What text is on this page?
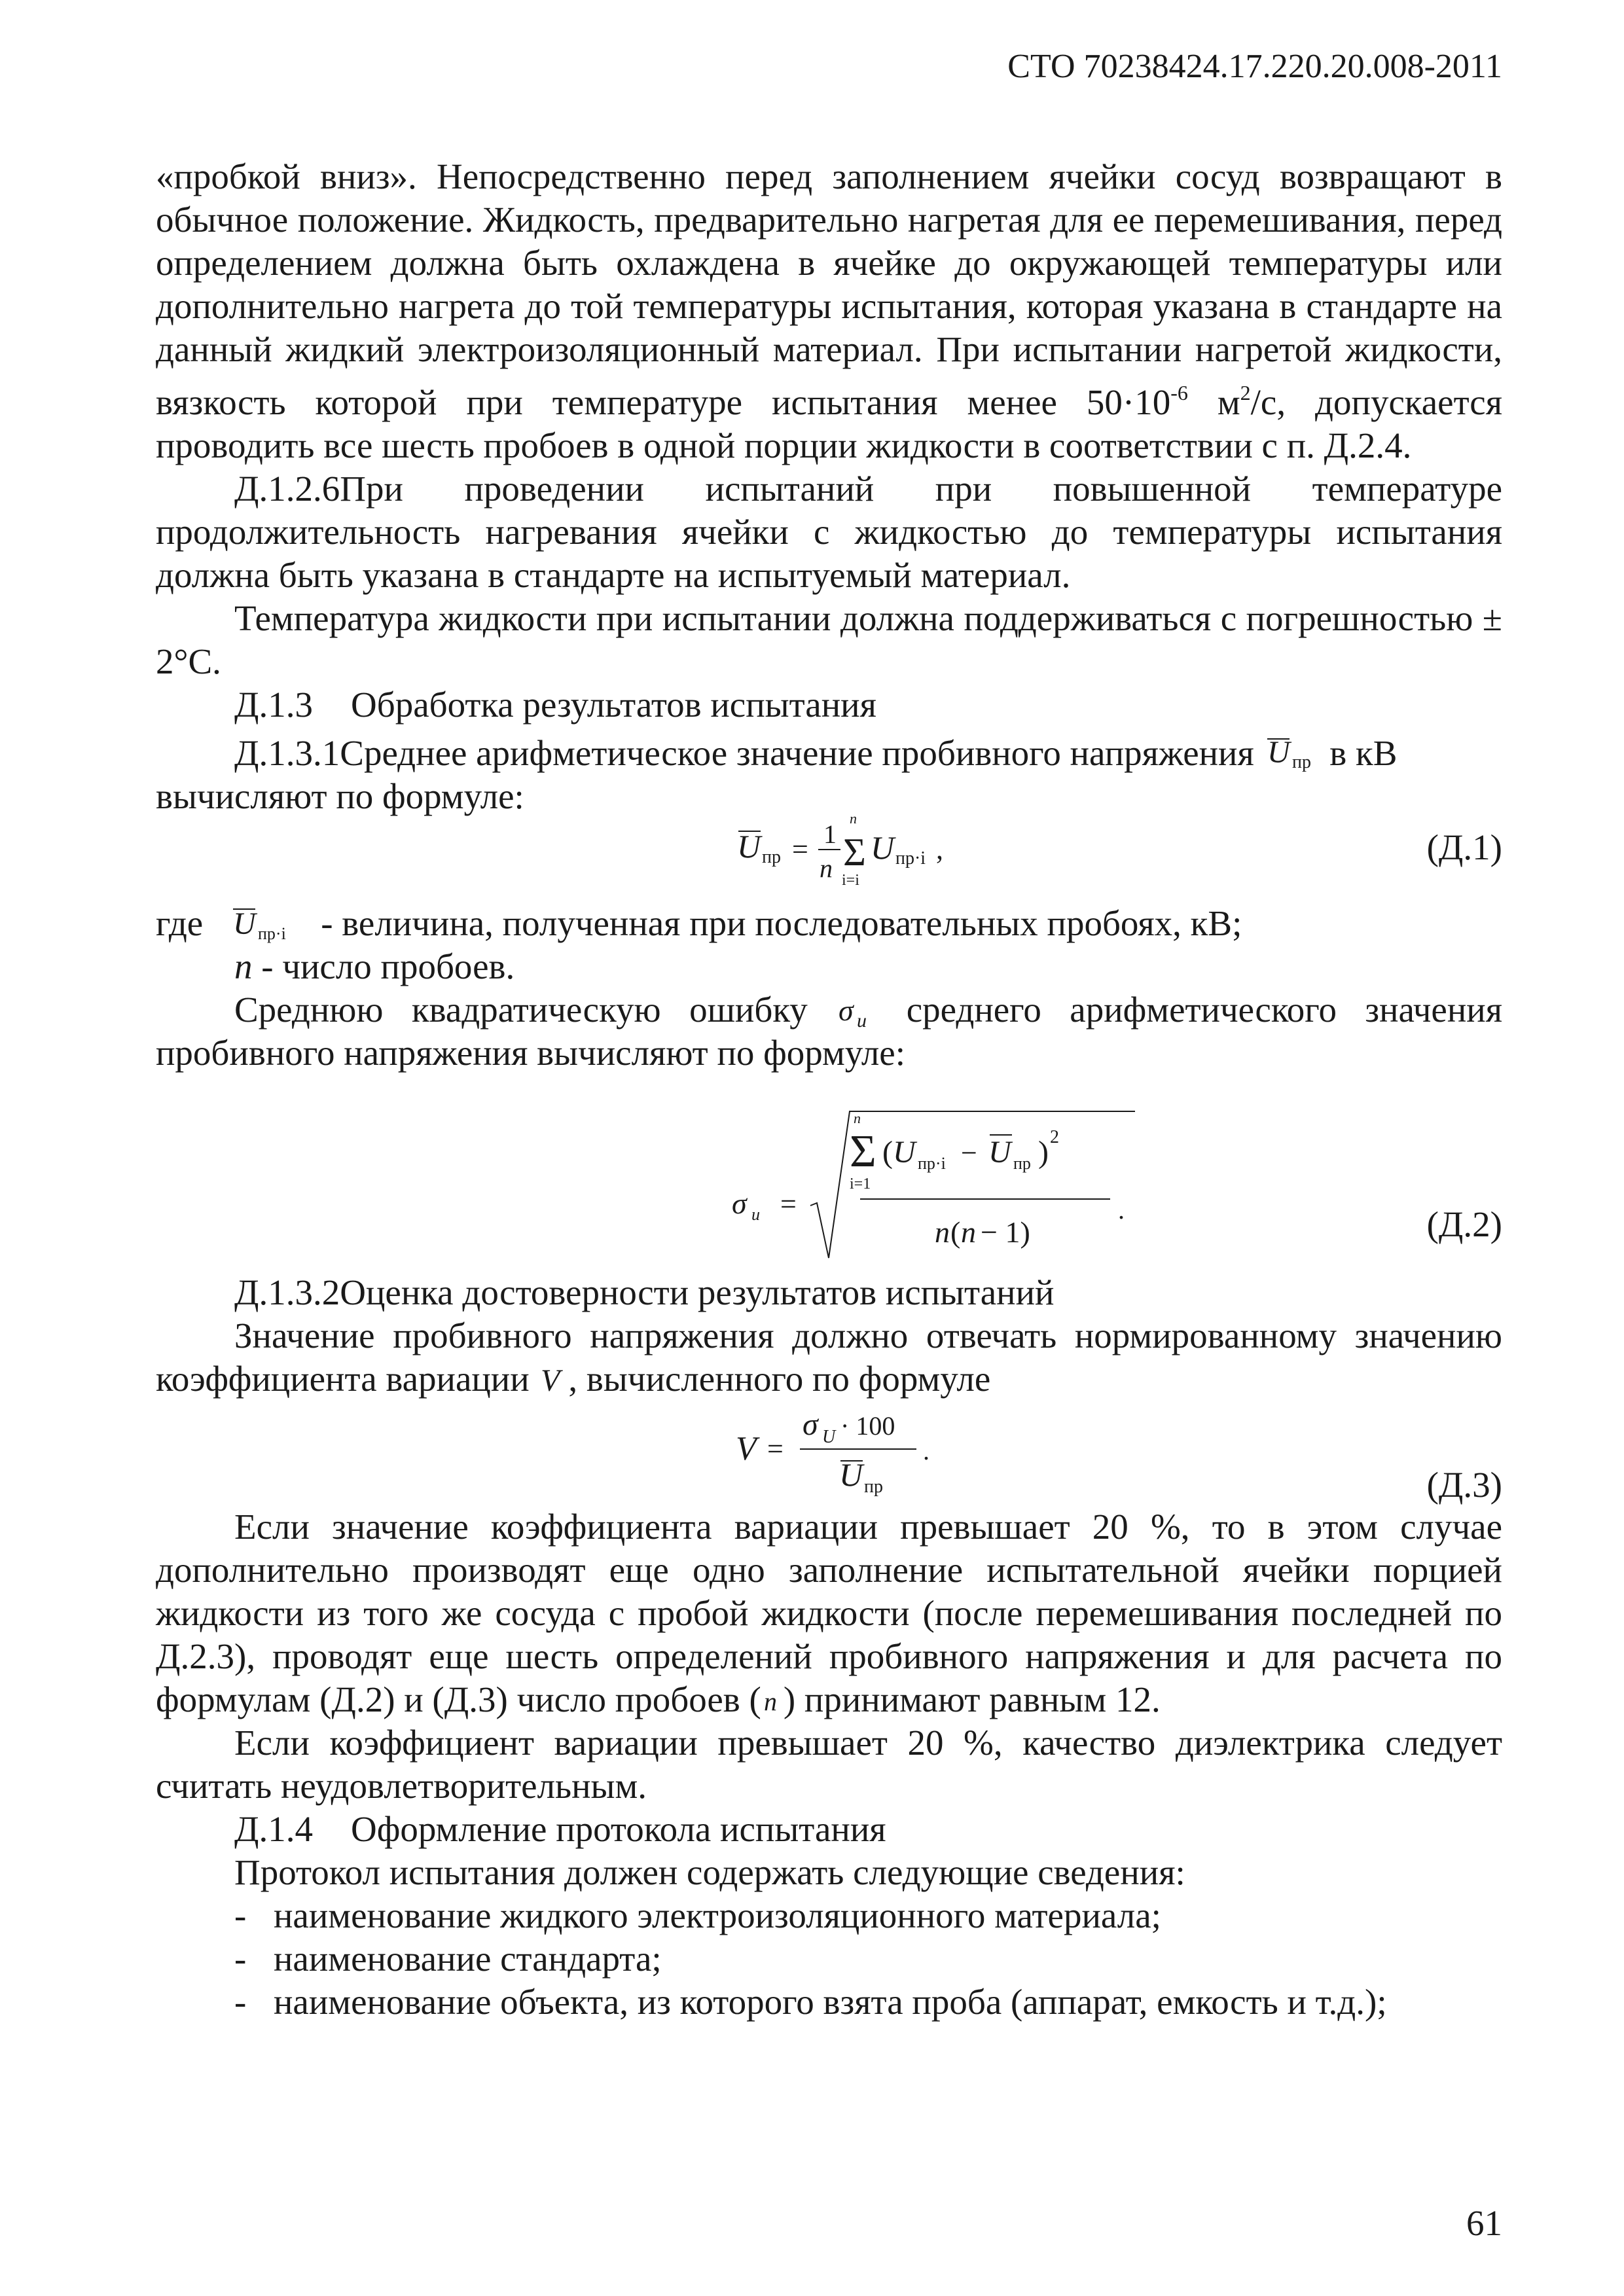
СТО 70238424.17.220.20.008-2011

«пробкой вниз». Непосредственно перед заполнением ячейки сосуд возвращают в обычное положение. Жидкость, предварительно нагретая для ее перемешивания, перед определением должна быть охлаждена в ячейке до окружающей температуры или дополнительно нагрета до той температуры испытания, которая указана в стандарте на данный жидкий электроизоляционный материал. При испытании нагретой жидкости, вязкость которой при температуре испытания менее $50\cdot 10^{-6}$ $м^2/с$, допускается проводить все шесть пробоев в одной порции жидкости в соответствии с п. Д.2.4.

Д.1.2.6При проведении испытаний при повышенной температуре продолжительность нагревания ячейки с жидкостью до температуры испытания должна быть указана в стандарте на испытуемый материал.

Температура жидкости при испытании должна поддерживаться с погрешностью ± 2°С.

Д.1.3	Обработка результатов испытания

Д.1.3.1Среднее арифметическое значение пробивного напряжения U пр в кВ

вычисляют по формуле:

U пр = 1
n
n
Σ
i=i
U пр·i ,	(Д.1)
где U пр·i - величина, полученная при последовательных пробоях, кВ;

n - число пробоев.

Среднюю квадратическую ошибку σ u среднего арифметического значения пробивного напряжения вычисляют по формуле:

σ u =
n
Σ
i=1
( U пр·i − U пр ) 2
n ( n − 1)
.	(Д.2)

Д.1.3.2Оценка достоверности результатов испытаний

Значение пробивного напряжения должно отвечать нормированному значению коэффициента вариации V , вычисленного по формуле

V =
σ U · 100
U пр
.
(Д.3)

Если значение коэффициента вариации превышает 20 %, то в этом случае дополнительно производят еще одно заполнение испытательной ячейки порцией жидкости из того же сосуда с пробой жидкости (после перемешивания последней по Д.2.3), проводят еще шесть определений пробивного напряжения и для расчета по формулам (Д.2) и (Д.3) число пробоев ( n ) принимают равным 12.

Если коэффициент вариации превышает 20 %, качество диэлектрика следует считать неудовлетворительным.

Д.1.4	Оформление протокола испытания

Протокол испытания должен содержать следующие сведения:

- наименование жидкого электроизоляционного материала;
- наименование стандарта;
- наименование объекта, из которого взята проба (аппарат, емкость и т.д.);
61
